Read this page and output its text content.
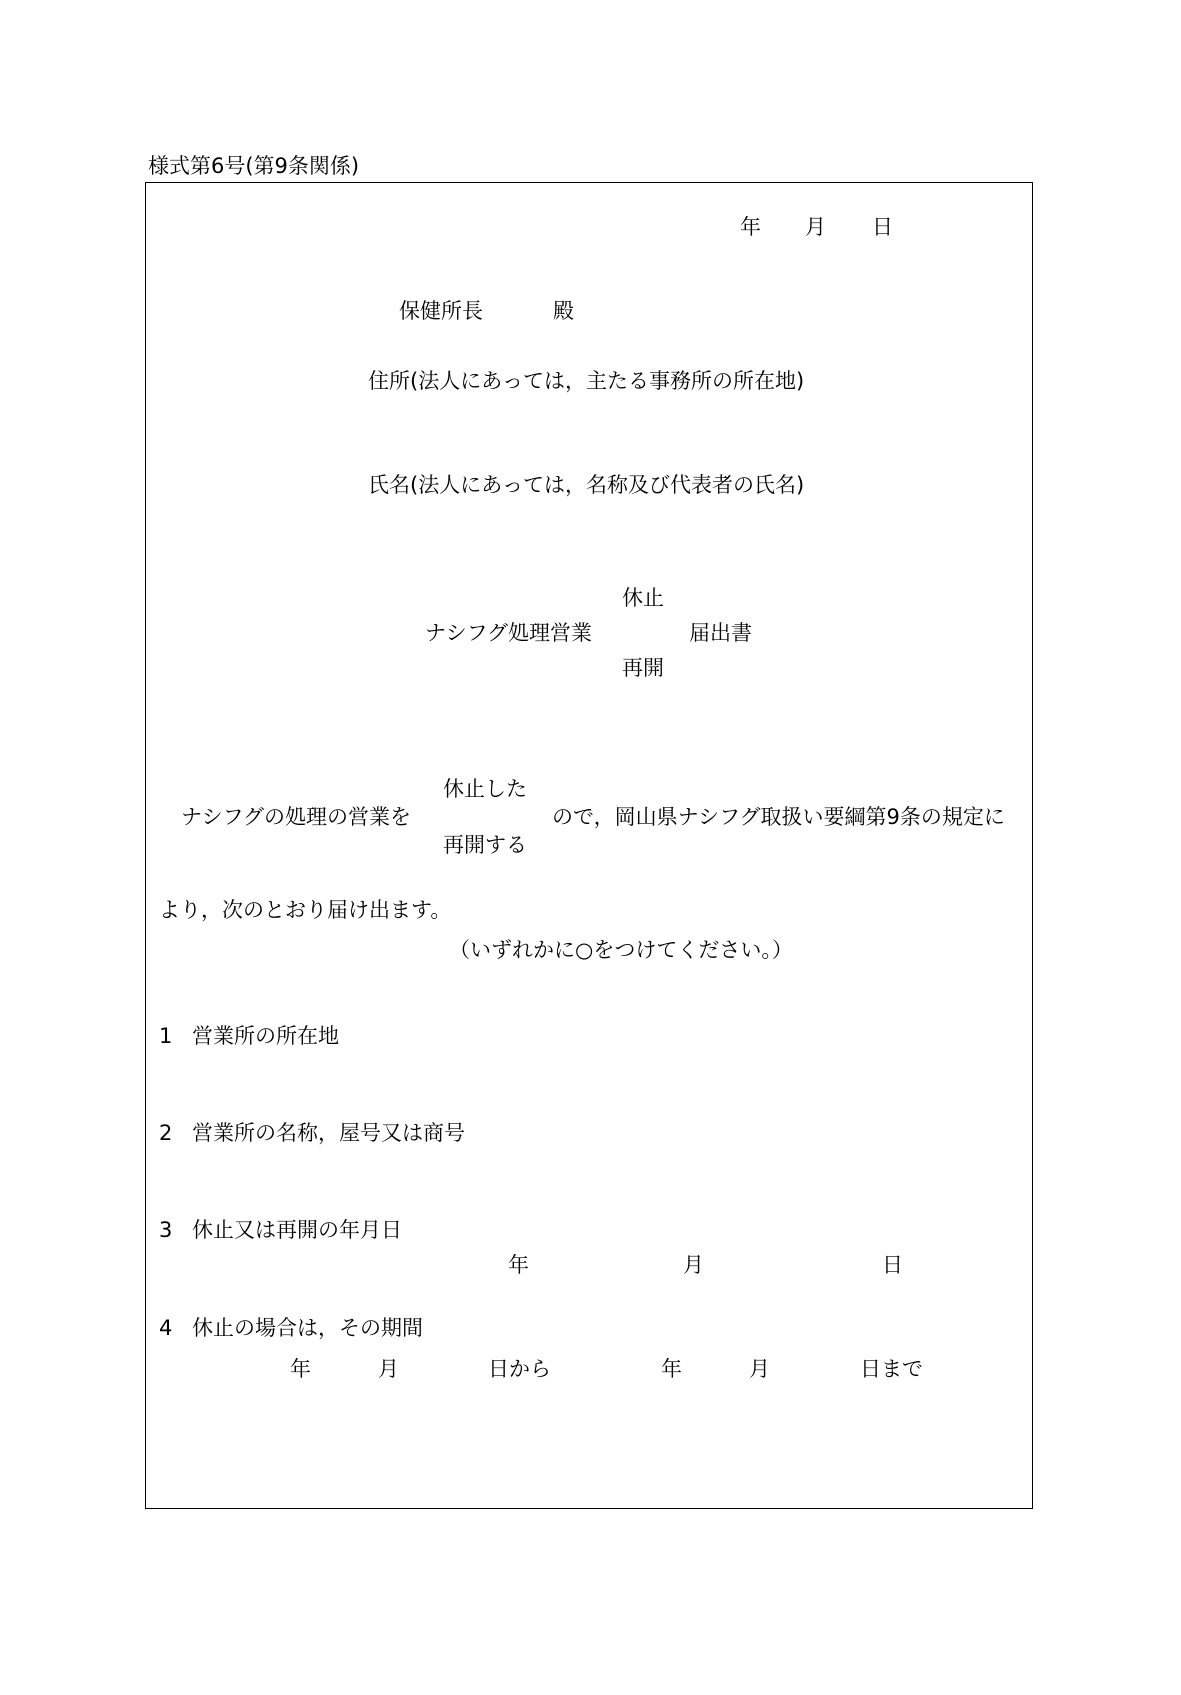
様式第6号(第9条関係)
年 月 日
保健所長	殿
住所(法人にあっては，主たる事務所の所在地)
氏名(法人にあっては，名称及び代表者の氏名)
休止
ナシフグ処理営業	届出書
再開
休止した
ナシフグの処理の営業を	ので，岡山県ナシフグ取扱い要綱第9条の規定に
再開する
より，次のとおり届け出ます。
（いずれかに○をつけてください。）
1 営業所の所在地
2 営業所の名称，屋号又は商号
3 休止又は再開の年月日
年	月	日
4 休止の場合は，その期間
年	月	日から	年	月	日まで
